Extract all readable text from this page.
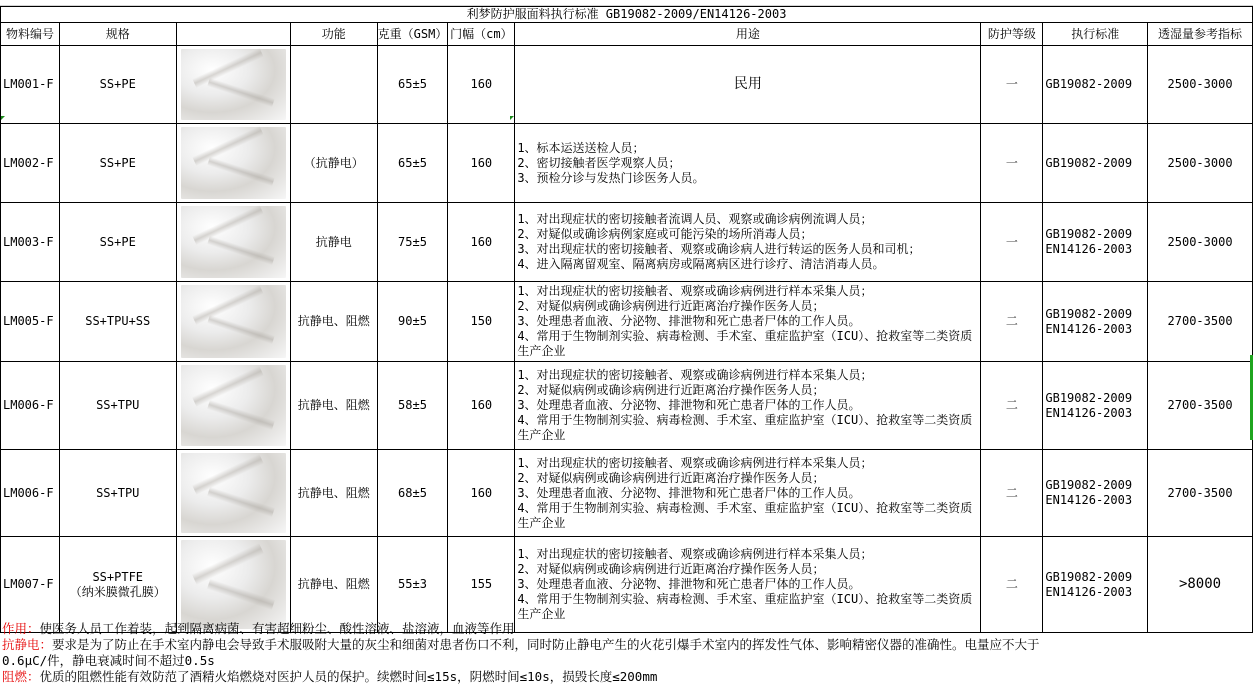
利梦防护服面料执行标准 GB19082-2009/EN14126-2003									
物料编号	规格		功能	克重（GSM）	门幅（cm）	用途	防护等级	执行标准	透湿量参考指标
LM001-F	SS+PE			65±5	160	民用	一	GB19082-2009	2500-3000
LM002-F	SS+PE		（抗静电）	65±5	160	1、标本运送送检人员；
2、密切接触者医学观察人员；
3、预检分诊与发热门诊医务人员。	一	GB19082-2009	2500-3000
LM003-F	SS+PE		抗静电	75±5	160	1、对出现症状的密切接触者流调人员、观察或确诊病例流调人员；
2、对疑似或确诊病例家庭或可能污染的场所消毒人员；
3、对出现症状的密切接触者、观察或确诊病人进行转运的医务人员和司机；
4、进入隔离留观室、隔离病房或隔离病区进行诊疗、清洁消毒人员。	一	GB19082-2009
EN14126-2003	2500-3000
LM005-F	SS+TPU+SS		抗静电、阻燃	90±5	150	1、对出现症状的密切接触者、观察或确诊病例进行样本采集人员；
2、对疑似病例或确诊病例进行近距离治疗操作医务人员；
3、处理患者血液、分泌物、排泄物和死亡患者尸体的工作人员。
4、常用于生物制剂实验、病毒检测、手术室、重症监护室（ICU）、抢救室等二类资质生产企业	二	GB19082-2009
EN14126-2003	2700-3500
LM006-F	SS+TPU		抗静电、阻燃	58±5	160	1、对出现症状的密切接触者、观察或确诊病例进行样本采集人员；
2、对疑似病例或确诊病例进行近距离治疗操作医务人员；
3、处理患者血液、分泌物、排泄物和死亡患者尸体的工作人员。
4、常用于生物制剂实验、病毒检测、手术室、重症监护室（ICU）、抢救室等二类资质生产企业	二	GB19082-2009
EN14126-2003	2700-3500
LM006-F	SS+TPU		抗静电、阻燃	68±5	160	1、对出现症状的密切接触者、观察或确诊病例进行样本采集人员；
2、对疑似病例或确诊病例进行近距离治疗操作医务人员；
3、处理患者血液、分泌物、排泄物和死亡患者尸体的工作人员。
4、常用于生物制剂实验、病毒检测、手术室、重症监护室（ICU）、抢救室等二类资质生产企业	二	GB19082-2009
EN14126-2003	2700-3500
LM007-F	SS+PTFE
（纳米膜微孔膜）		抗静电、阻燃	55±3	155	1、对出现症状的密切接触者、观察或确诊病例进行样本采集人员；
2、对疑似病例或确诊病例进行近距离治疗操作医务人员；
3、处理患者血液、分泌物、排泄物和死亡患者尸体的工作人员。
4、常用于生物制剂实验、病毒检测、手术室、重症监护室（ICU）、抢救室等二类资质生产企业	二	GB19082-2009
EN14126-2003	>8000
作用：使医务人员工作着装，起到隔离病菌、有害超细粉尘、酸性溶液、盐溶液，血液等作用
抗静电：要求是为了防止在手术室内静电会导致手术服吸附大量的灰尘和细菌对患者伤口不利，同时防止静电产生的火花引爆手术室内的挥发性气体、影响精密仪器的准确性。电量应不大于
0.6μC/件，静电衰减时间不超过0.5s
阻燃：优质的阻燃性能有效防范了酒精火焰燃烧对医护人员的保护。续燃时间≤15s，阴燃时间≤10s，损毁长度≤200mm
